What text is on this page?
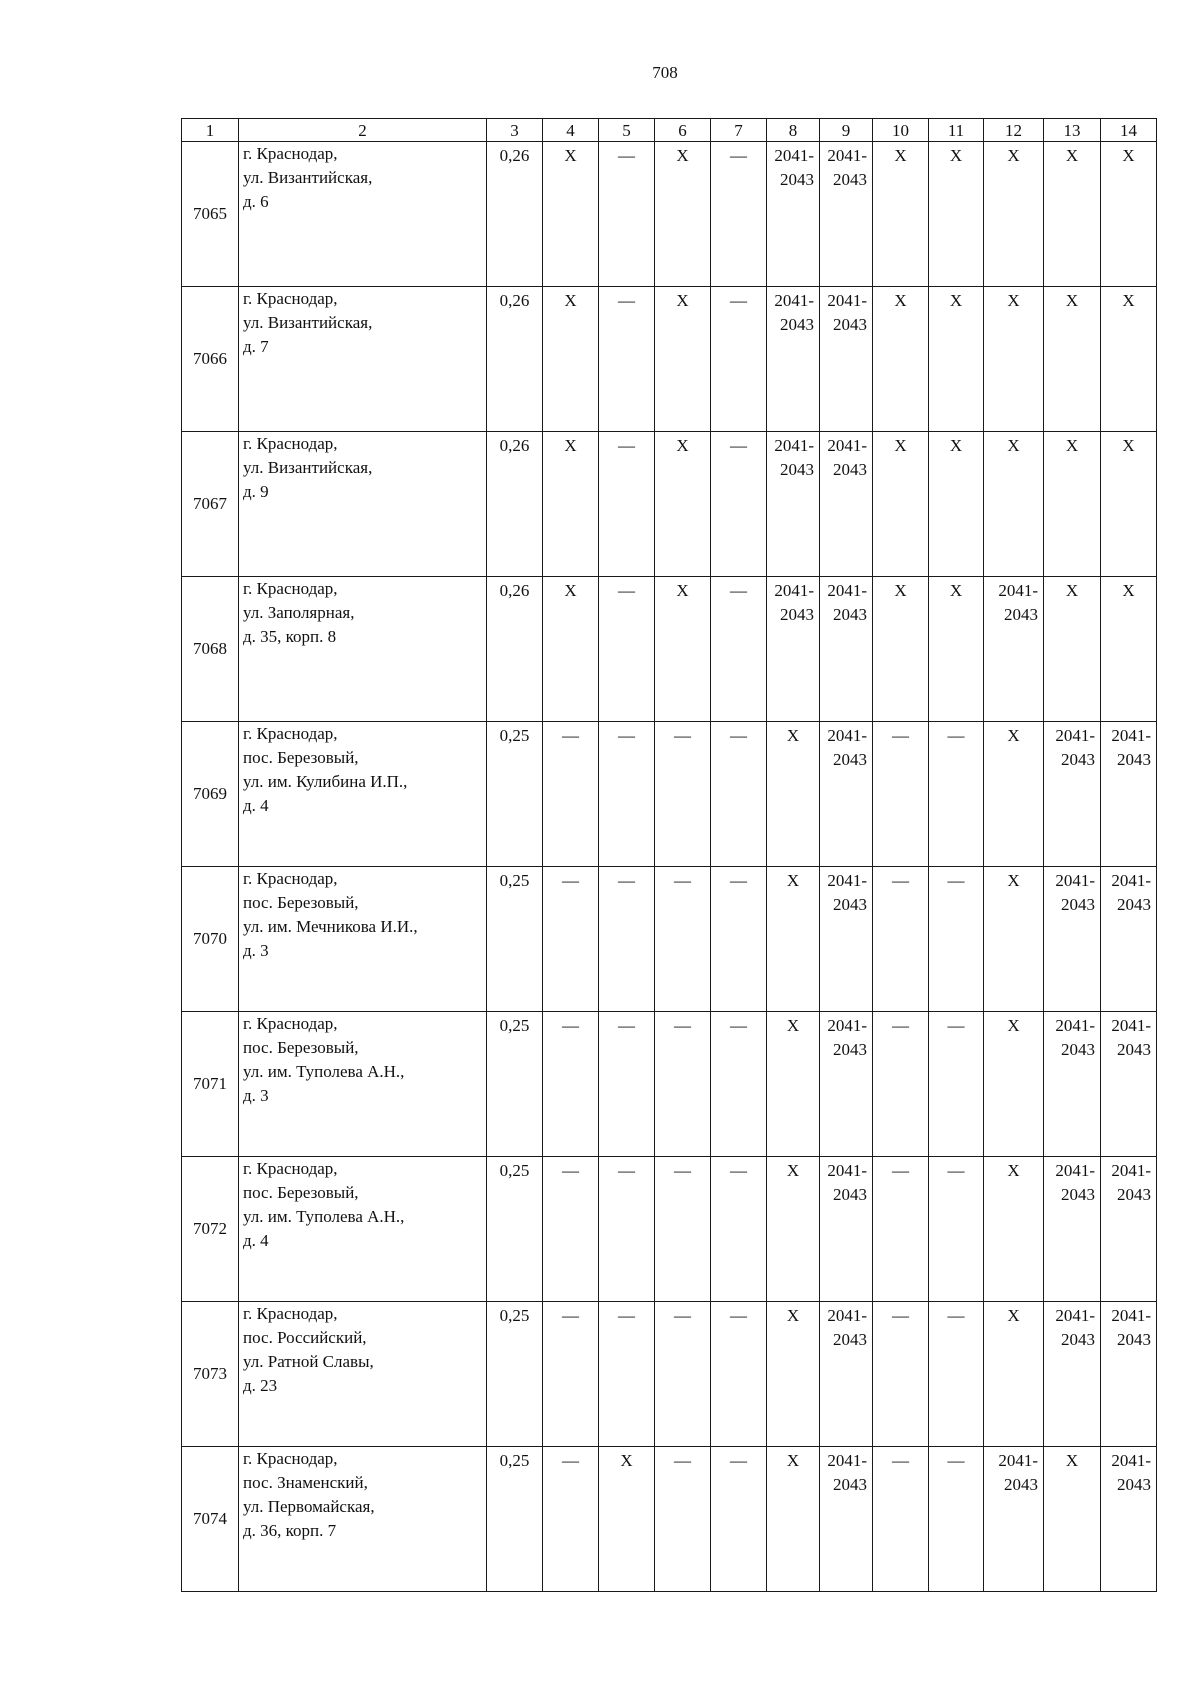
708
1	2	3	4	5	6	7	8	9	10	11	12	13	14
7065	г. Краснодар,
ул. Византийская,
д. 6	0,26	X	—	X	—	2041-
2043	2041-
2043	X	X	X	X	X
7066	г. Краснодар,
ул. Византийская,
д. 7	0,26	X	—	X	—	2041-
2043	2041-
2043	X	X	X	X	X
7067	г. Краснодар,
ул. Византийская,
д. 9	0,26	X	—	X	—	2041-
2043	2041-
2043	X	X	X	X	X
7068	г. Краснодар,
ул. Заполярная,
д. 35, корп. 8	0,26	X	—	X	—	2041-
2043	2041-
2043	X	X	2041-
2043	X	X
7069	г. Краснодар,
пос. Березовый,
ул. им. Кулибина И.П.,
д. 4	0,25	—	—	—	—	X	2041-
2043	—	—	X	2041-
2043	2041-
2043
7070	г. Краснодар,
пос. Березовый,
ул. им. Мечникова И.И.,
д. 3	0,25	—	—	—	—	X	2041-
2043	—	—	X	2041-
2043	2041-
2043
7071	г. Краснодар,
пос. Березовый,
ул. им. Туполева А.Н.,
д. 3	0,25	—	—	—	—	X	2041-
2043	—	—	X	2041-
2043	2041-
2043
7072	г. Краснодар,
пос. Березовый,
ул. им. Туполева А.Н.,
д. 4	0,25	—	—	—	—	X	2041-
2043	—	—	X	2041-
2043	2041-
2043
7073	г. Краснодар,
пос. Российский,
ул. Ратной Славы,
д. 23	0,25	—	—	—	—	X	2041-
2043	—	—	X	2041-
2043	2041-
2043
7074	г. Краснодар,
пос. Знаменский,
ул. Первомайская,
д. 36, корп. 7	0,25	—	X	—	—	X	2041-
2043	—	—	2041-
2043	X	2041-
2043
